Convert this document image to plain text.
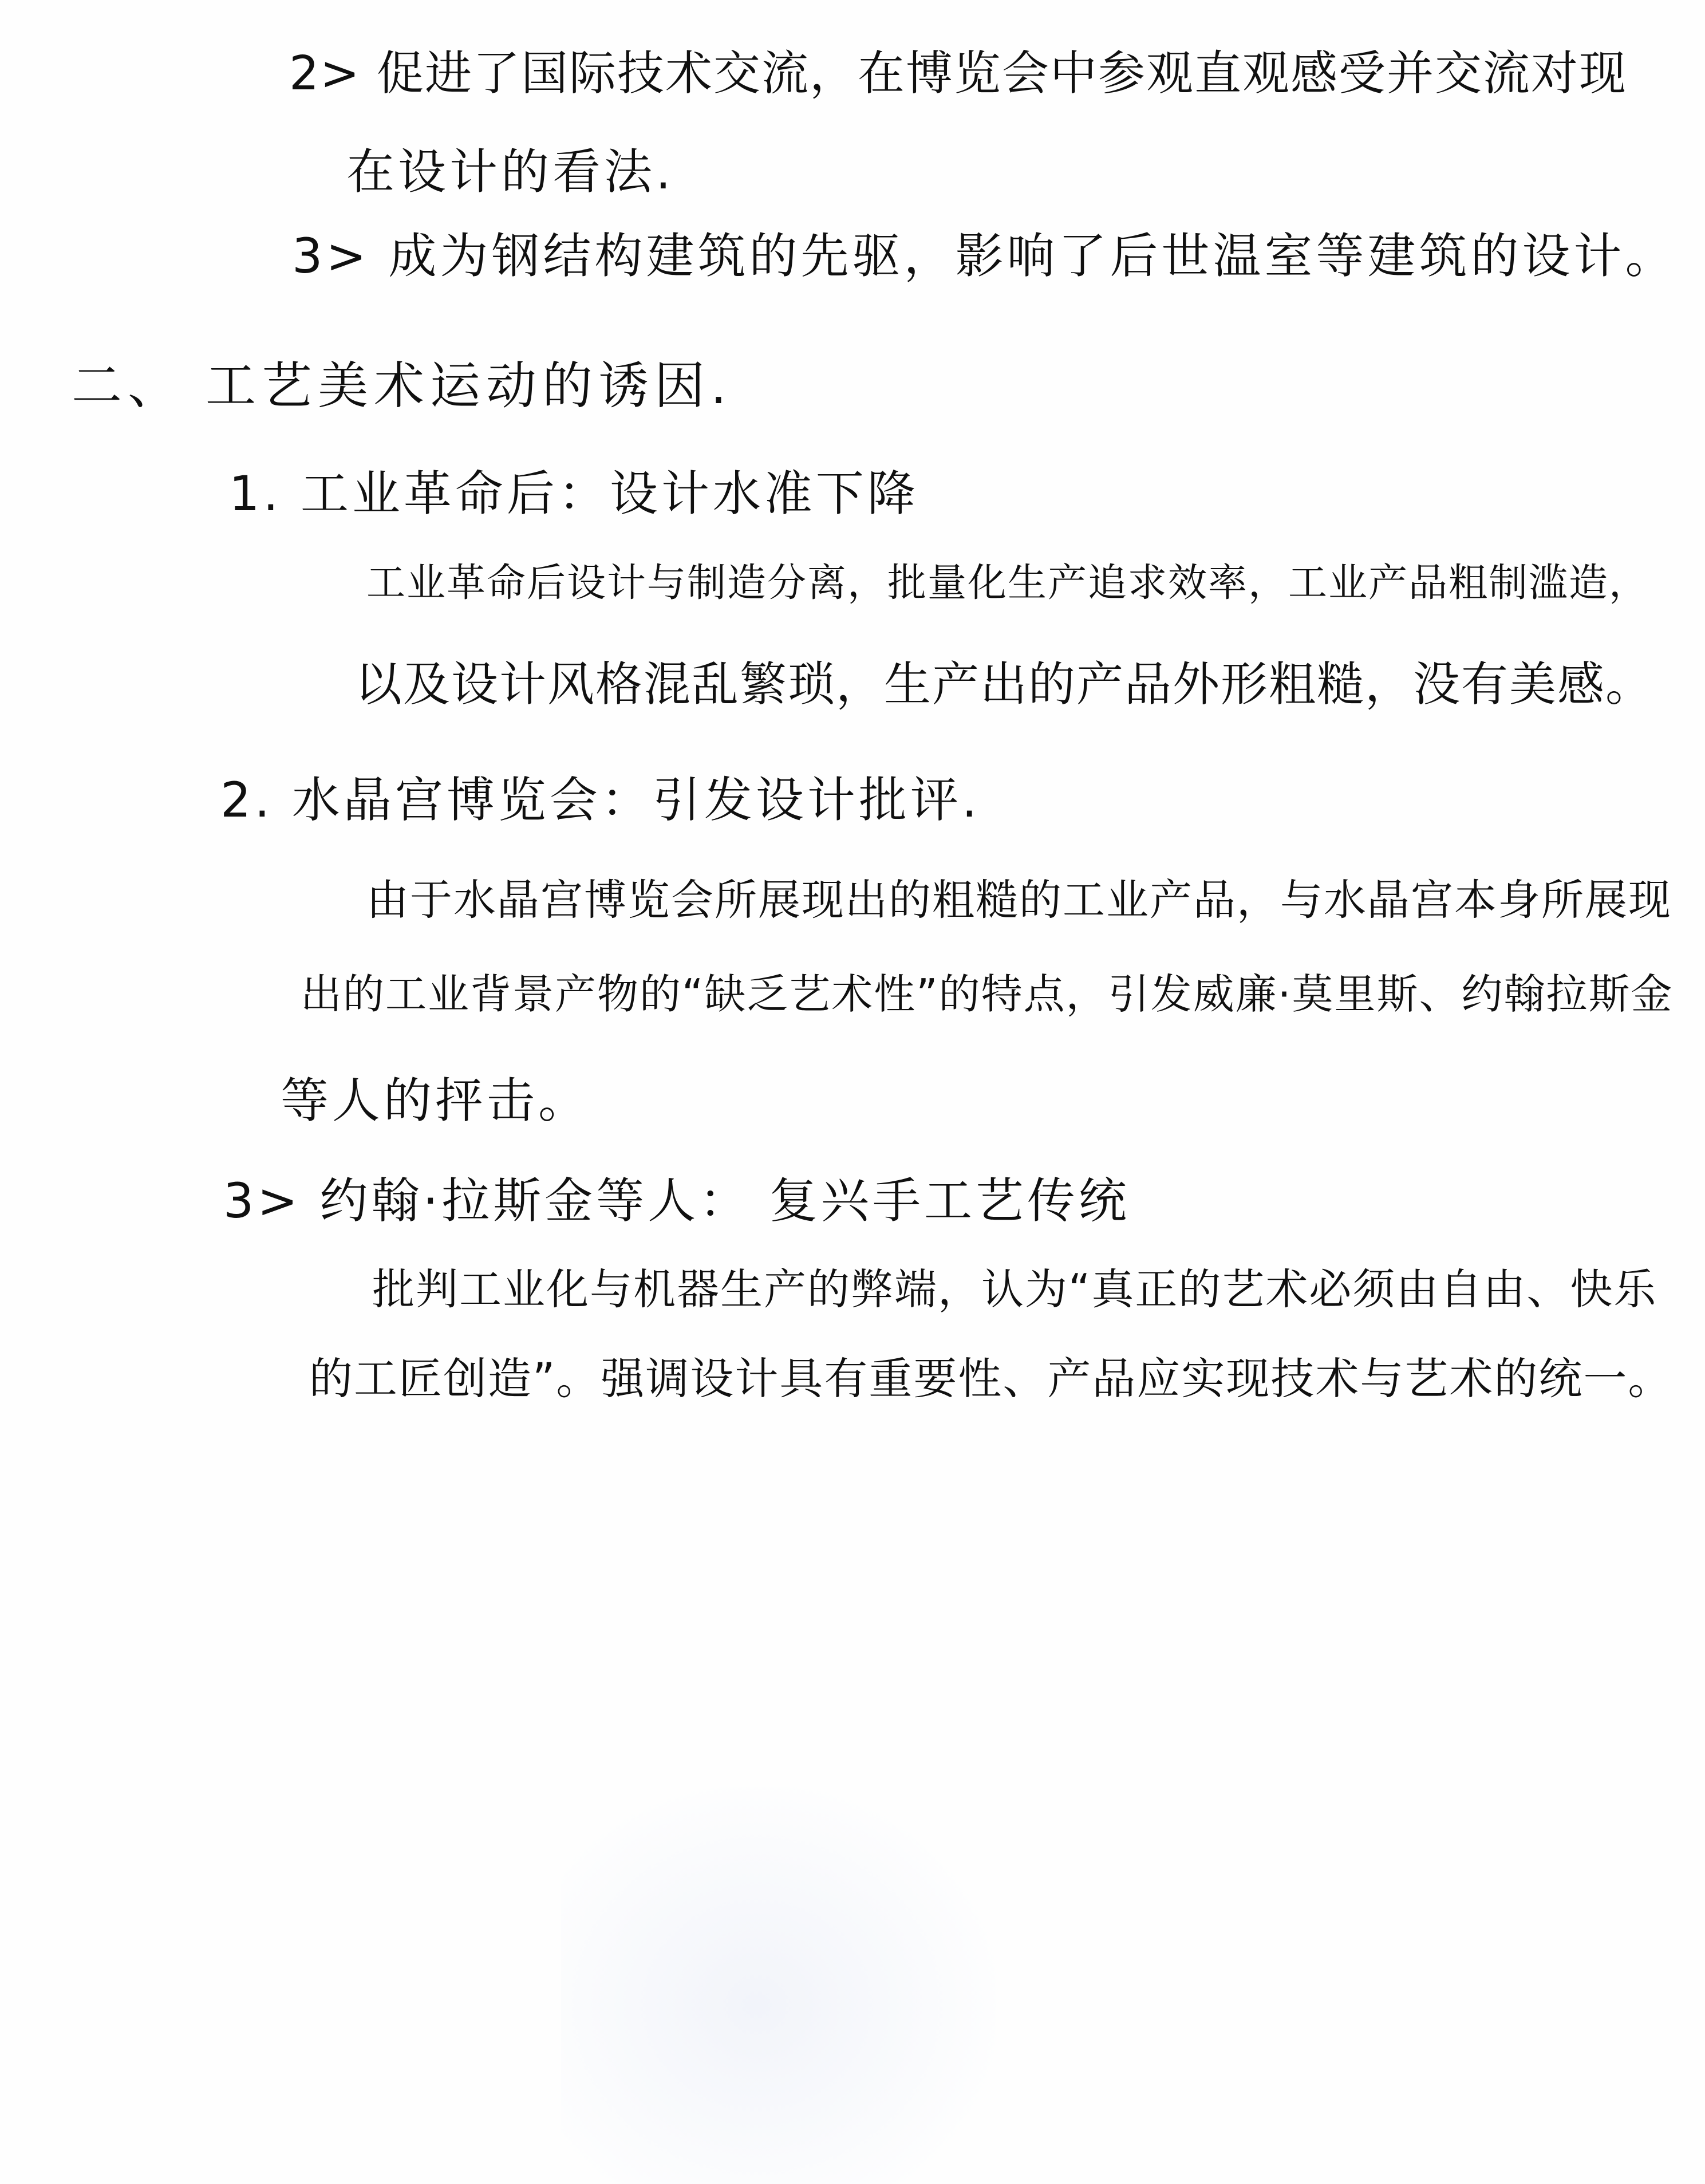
2> 促进了国际技术交流，在博览会中参观直观感受并交流对现
在设计的看法.
3> 成为钢结构建筑的先驱，影响了后世温室等建筑的设计。
二、 工艺美术运动的诱因.
1. 工业革命后：设计水准下降
工业革命后设计与制造分离，批量化生产追求效率，工业产品粗制滥造，
以及设计风格混乱繁琐，生产出的产品外形粗糙，没有美感。
2. 水晶宫博览会：引发设计批评.
由于水晶宫博览会所展现出的粗糙的工业产品，与水晶宫本身所展现
出的工业背景产物的“缺乏艺术性”的特点，引发威廉·莫里斯、约翰拉斯金
等人的抨击。
3> 约翰·拉斯金等人： 复兴手工艺传统
批判工业化与机器生产的弊端，认为“真正的艺术必须由自由、快乐
的工匠创造”。强调设计具有重要性、产品应实现技术与艺术的统一。
